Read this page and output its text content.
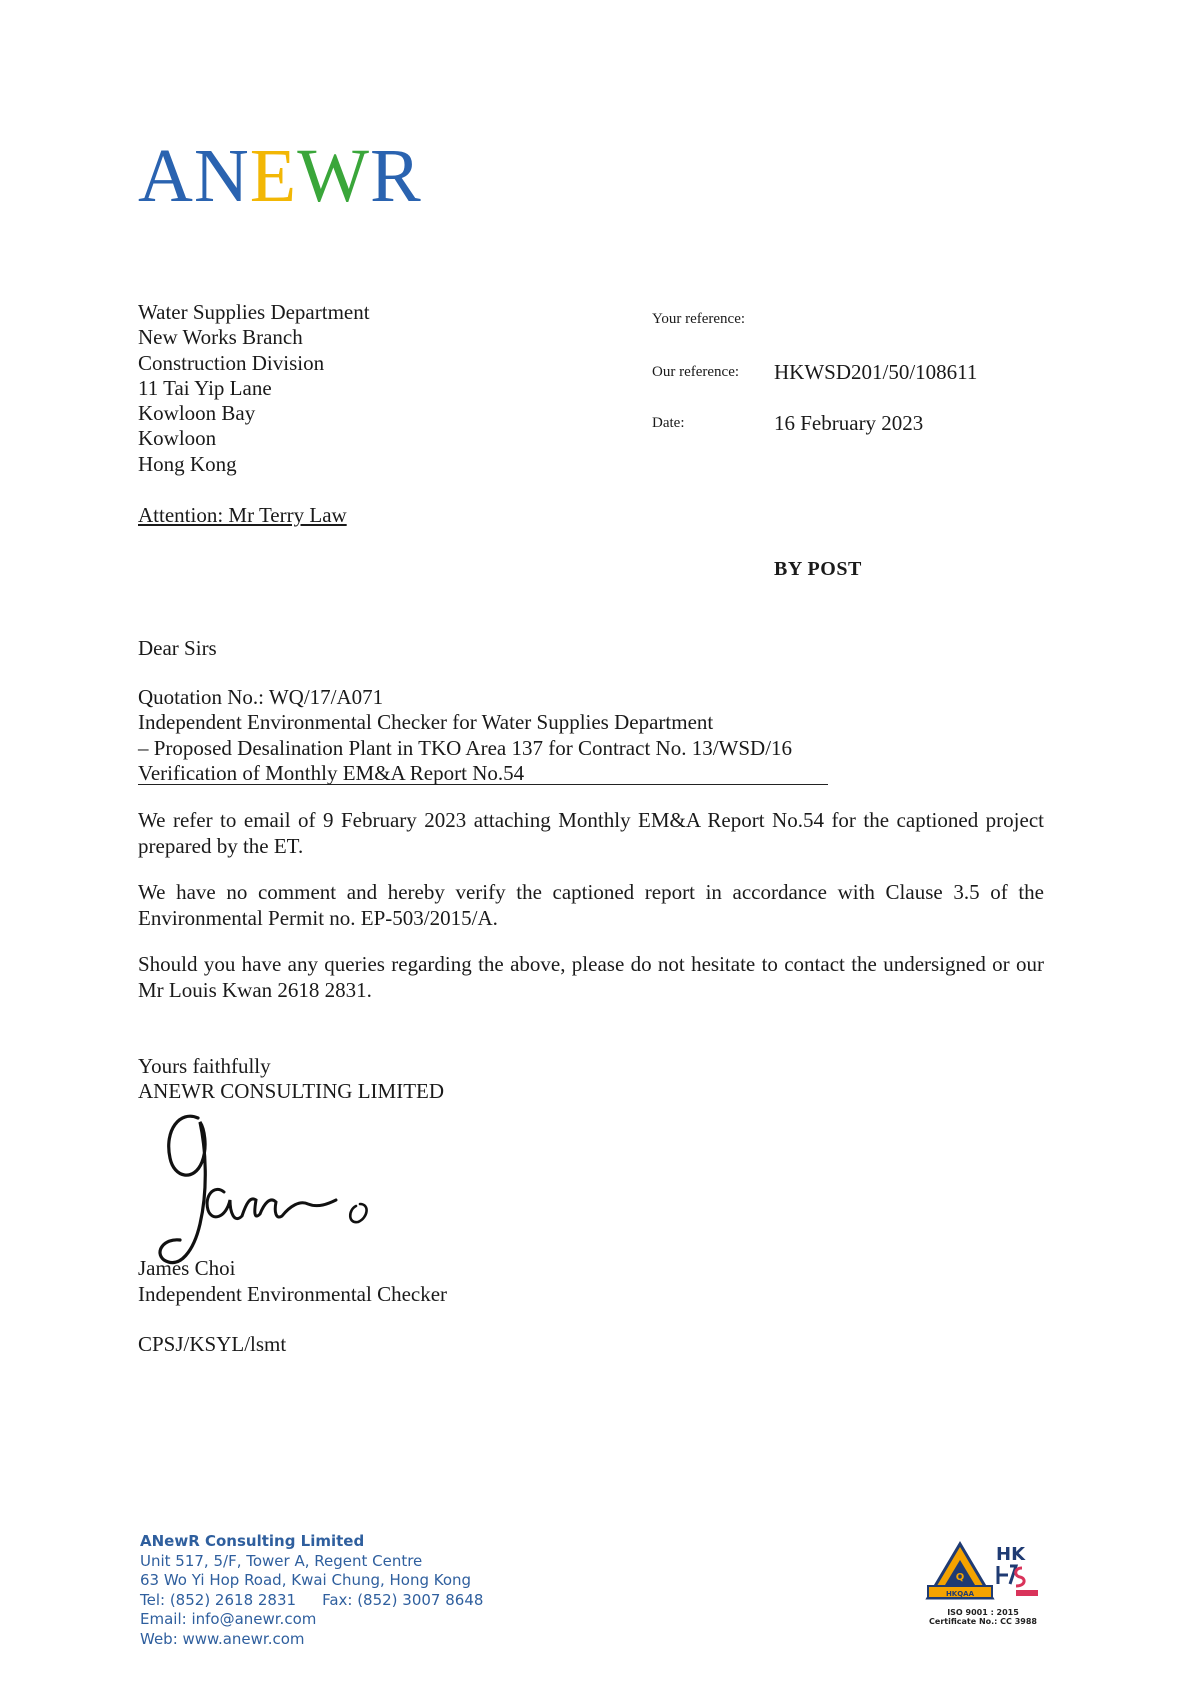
ANEWR
Water Supplies Department
New Works Branch
Construction Division
11 Tai Yip Lane
Kowloon Bay
Kowloon
Hong Kong
Attention: Mr Terry Law
Your reference:
Our reference: HKWSD201/50/108611
Date:	16 February 2023
BY POST
Dear Sirs
Quotation No.: WQ/17/A071
Independent Environmental Checker for Water Supplies Department
– Proposed Desalination Plant in TKO Area 137 for Contract No. 13/WSD/16
Verification of Monthly EM&A Report No.54
We refer to email of 9 February 2023 attaching Monthly EM&A Report No.54 for the captioned project prepared by the ET.
We have no comment and hereby verify the captioned report in accordance with Clause 3.5 of the Environmental Permit no. EP-503/2015/A.
Should you have any queries regarding the above, please do not hesitate to contact the undersigned or our Mr Louis Kwan 2618 2831.
Yours faithfully
ANEWR CONSULTING LIMITED
James Choi
Independent Environmental Checker
CPSJ/KSYL/lsmt
ANewR Consulting Limited
Unit 517, 5/F, Tower A, Regent Centre
63 Wo Yi Hop Road, Kwai Chung, Hong Kong
Tel: (852) 2618 2831 Fax: (852) 3007 8648
Email: info@anewr.com
Web: www.anewr.com
HKQAA
Q
HK
ISO 9001 : 2015
Certificate No.: CC 3988
